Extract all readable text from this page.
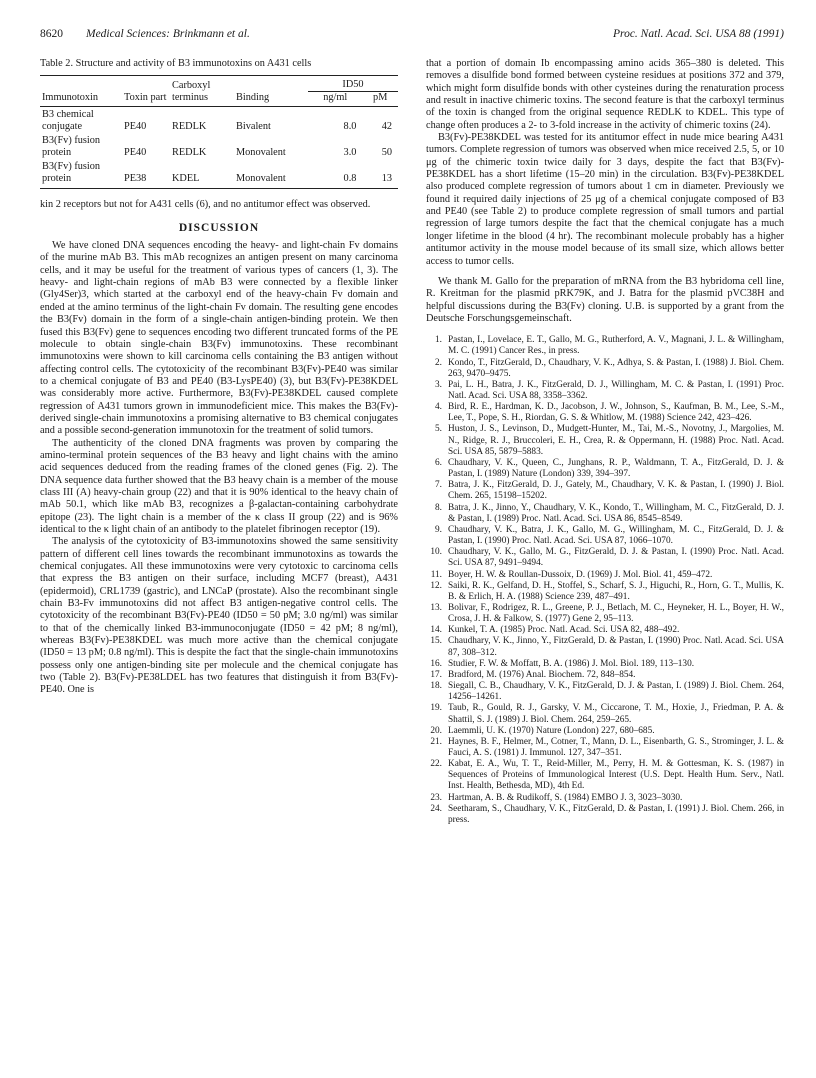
8620 Medical Sciences: Brinkmann et al.	Proc. Natl. Acad. Sci. USA 88 (1991)
Table 2. Structure and activity of B3 immunotoxins on A431 cells
Immunotoxin	Toxin part	Carboxyl terminus	Binding	ID50	
				ng/ml	pM
B3 chemical conjugate	PE40	REDLK	Bivalent	8.0	42
B3(Fv) fusion protein	PE40	REDLK	Monovalent	3.0	50
B3(Fv) fusion protein	PE38	KDEL	Monovalent	0.8	13

kin 2 receptors but not for A431 cells (6), and no antitumor effect was observed.

DISCUSSION

We have cloned DNA sequences encoding the heavy- and light-chain Fv domains of the murine mAb B3. This mAb recognizes an antigen present on many carcinoma cells, and it may be useful for the treatment of various types of cancers (1, 3). The heavy- and light-chain regions of mAb B3 were connected by a flexible linker (Gly4Ser)3, which started at the carboxyl end of the heavy-chain Fv domain and ended at the amino terminus of the light-chain Fv domain. The resulting gene encodes the B3(Fv) domain in the form of a single-chain antigen-binding protein. We then fused this B3(Fv) gene to sequences encoding two different truncated forms of the PE molecule to obtain single-chain B3(Fv) immunotoxins. These recombinant immunotoxins were shown to kill carcinoma cells containing the B3 antigen without affecting control cells. The cytotoxicity of the recombinant B3(Fv)-PE40 was similar to a chemical conjugate of B3 and PE40 (B3-LysPE40) (3), but B3(Fv)-PE38KDEL was considerably more active. Furthermore, B3(Fv)-PE38KDEL caused complete regression of A431 tumors grown in immunodeficient mice. This makes the B3(Fv)-derived single-chain immunotoxins a promising alternative to B3 chemical conjugates and a possible second-generation immunotoxin for the treatment of solid tumors.

The authenticity of the cloned DNA fragments was proven by comparing the amino-terminal protein sequences of the B3 heavy and light chains with the amino acid sequences deduced from the reading frames of the cloned genes (Fig. 2). The DNA sequence data further showed that the B3 heavy chain is a member of the mouse class III (A) heavy-chain group (22) and that it is 90% identical to the heavy chain of mAb 50.1, which like mAb B3, recognizes a β-galactan-containing carbohydrate epitope (23). The light chain is a member of the κ class II group (22) and is 96% identical to the κ light chain of an antibody to the platelet fibrinogen receptor (19).

The analysis of the cytotoxicity of B3-immunotoxins showed the same sensitivity pattern of different cell lines towards the recombinant immunotoxins as towards the chemical conjugates. All these immunotoxins were very cytotoxic to carcinoma cells that express the B3 antigen on their surface, including MCF7 (breast), A431 (epidermoid), CRL1739 (gastric), and LNCaP (prostate). Also the recombinant single chain B3-Fv immunotoxins did not affect B3 antigen-negative control cells. The cytotoxicity of the recombinant B3(Fv)-PE40 (ID50 = 50 pM; 3.0 ng/ml) was similar to that of the chemically linked B3-immunoconjugate (ID50 = 42 pM; 8 ng/ml), whereas B3(Fv)-PE38KDEL was much more active than the chemical conjugate (ID50 = 13 pM; 0.8 ng/ml). This is despite the fact that the single-chain immunotoxins possess only one antigen-binding site per molecule and the chemical conjugate has two (Table 2). B3(Fv)-PE38LDEL has two features that distinguish it from B3(Fv)-PE40. One is

that a portion of domain Ib encompassing amino acids 365–380 is deleted. This removes a disulfide bond formed between cysteine residues at positions 372 and 379, which might form disulfide bonds with other cysteines during the renaturation process and result in inactive chimeric toxins. The second feature is that the carboxyl terminus of the toxin is changed from the original sequence REDLK to KDEL. This type of change often produces a 2- to 3-fold increase in the activity of chimeric toxins (24).

B3(Fv)-PE38KDEL was tested for its antitumor effect in nude mice bearing A431 tumors. Complete regression of tumors was observed when mice received 2.5, 5, or 10 μg of the chimeric toxin twice daily for 3 days, despite the fact that B3(Fv)-PE38KDEL has a short lifetime (15–20 min) in the circulation. B3(Fv)-PE38KDEL also produced complete regression of tumors about 1 cm in diameter. Previously we found it required daily injections of 25 μg of a chemical conjugate composed of B3 and PE40 (see Table 2) to produce complete regression of small tumors and partial regression of large tumors despite the fact that the chemical conjugate has a much longer lifetime in the blood (4 hr). The recombinant molecule probably has a higher antitumor activity in the mouse model because of its small size, which allows better access to tumor cells.

We thank M. Gallo for the preparation of mRNA from the B3 hybridoma cell line, R. Kreitman for the plasmid pRK79K, and J. Batra for the plasmid pVC38H and helpful discussions during the B3(Fv) cloning. U.B. is supported by a grant from the Deutsche Forschungsgemeinschaft.

1. Pastan, I., Lovelace, E. T., Gallo, M. G., Rutherford, A. V., Magnani, J. L. & Willingham, M. C. (1991) Cancer Res., in press.
2. Kondo, T., FitzGerald, D., Chaudhary, V. K., Adhya, S. & Pastan, I. (1988) J. Biol. Chem. 263, 9470–9475.
3. Pai, L. H., Batra, J. K., FitzGerald, D. J., Willingham, M. C. & Pastan, I. (1991) Proc. Natl. Acad. Sci. USA 88, 3358–3362.
4. Bird, R. E., Hardman, K. D., Jacobson, J. W., Johnson, S., Kaufman, B. M., Lee, S.-M., Lee, T., Pope, S. H., Riordan, G. S. & Whitlow, M. (1988) Science 242, 423–426.
5. Huston, J. S., Levinson, D., Mudgett-Hunter, M., Tai, M.-S., Novotny, J., Margolies, M. N., Ridge, R. J., Bruccoleri, E. H., Crea, R. & Oppermann, H. (1988) Proc. Natl. Acad. Sci. USA 85, 5879–5883.
6. Chaudhary, V. K., Queen, C., Junghans, R. P., Waldmann, T. A., FitzGerald, D. J. & Pastan, I. (1989) Nature (London) 339, 394–397.
7. Batra, J. K., FitzGerald, D. J., Gately, M., Chaudhary, V. K. & Pastan, I. (1990) J. Biol. Chem. 265, 15198–15202.
8. Batra, J. K., Jinno, Y., Chaudhary, V. K., Kondo, T., Willingham, M. C., FitzGerald, D. J. & Pastan, I. (1989) Proc. Natl. Acad. Sci. USA 86, 8545–8549.
9. Chaudhary, V. K., Batra, J. K., Gallo, M. G., Willingham, M. C., FitzGerald, D. J. & Pastan, I. (1990) Proc. Natl. Acad. Sci. USA 87, 1066–1070.
10. Chaudhary, V. K., Gallo, M. G., FitzGerald, D. J. & Pastan, I. (1990) Proc. Natl. Acad. Sci. USA 87, 9491–9494.
11. Boyer, H. W. & Roullan-Dussoix, D. (1969) J. Mol. Biol. 41, 459–472.
12. Saiki, R. K., Gelfand, D. H., Stoffel, S., Scharf, S. J., Higuchi, R., Horn, G. T., Mullis, K. B. & Erlich, H. A. (1988) Science 239, 487–491.
13. Bolivar, F., Rodrigez, R. L., Greene, P. J., Betlach, M. C., Heyneker, H. L., Boyer, H. W., Crosa, J. H. & Falkow, S. (1977) Gene 2, 95–113.
14. Kunkel, T. A. (1985) Proc. Natl. Acad. Sci. USA 82, 488–492.
15. Chaudhary, V. K., Jinno, Y., FitzGerald, D. & Pastan, I. (1990) Proc. Natl. Acad. Sci. USA 87, 308–312.
16. Studier, F. W. & Moffatt, B. A. (1986) J. Mol. Biol. 189, 113–130.
17. Bradford, M. (1976) Anal. Biochem. 72, 848–854.
18. Siegall, C. B., Chaudhary, V. K., FitzGerald, D. J. & Pastan, I. (1989) J. Biol. Chem. 264, 14256–14261.
19. Taub, R., Gould, R. J., Garsky, V. M., Ciccarone, T. M., Hoxie, J., Friedman, P. A. & Shattil, S. J. (1989) J. Biol. Chem. 264, 259–265.
20. Laemmli, U. K. (1970) Nature (London) 227, 680–685.
21. Haynes, B. F., Helmer, M., Cotner, T., Mann, D. L., Eisenbarth, G. S., Strominger, J. L. & Fauci, A. S. (1981) J. Immunol. 127, 347–351.
22. Kabat, E. A., Wu, T. T., Reid-Miller, M., Perry, H. M. & Gottesman, K. S. (1987) in Sequences of Proteins of Immunological Interest (U.S. Dept. Health Hum. Serv., Natl. Inst. Health, Bethesda, MD), 4th Ed.
23. Hartman, A. B. & Rudikoff, S. (1984) EMBO J. 3, 3023–3030.
24. Seetharam, S., Chaudhary, V. K., FitzGerald, D. & Pastan, I. (1991) J. Biol. Chem. 266, in press.
